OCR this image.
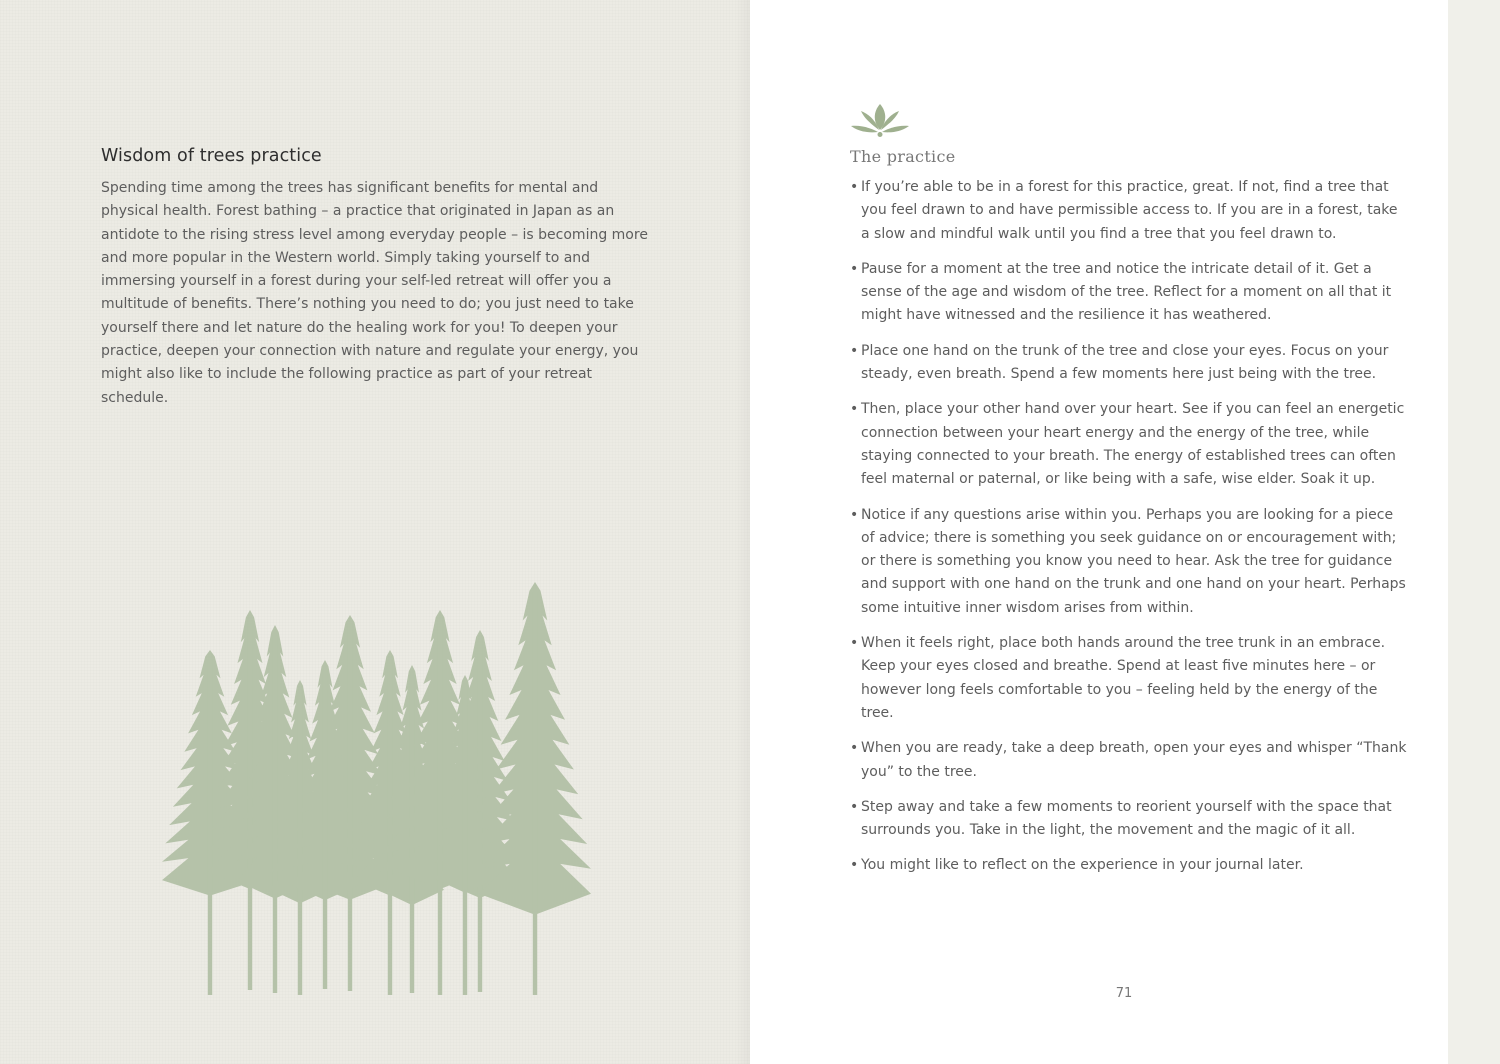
Wisdom of trees practice

Spending time among the trees has significant benefits for mental and physical health. Forest bathing – a practice that originated in Japan as an antidote to the rising stress level among everyday people – is becoming more and more popular in the Western world. Simply taking yourself to and immersing yourself in a forest during your self-led retreat will offer you a multitude of benefits. There’s nothing you need to do; you just need to take yourself there and let nature do the healing work for you! To deepen your practice, deepen your connection with nature and regulate your energy, you might also like to include the following practice as part of your retreat schedule.

The practice
• If you’re able to be in a forest for this practice, great. If not, find a tree that you feel drawn to and have permissible access to. If you are in a forest, take a slow and mindful walk until you find a tree that you feel drawn to.
• Pause for a moment at the tree and notice the intricate detail of it. Get a sense of the age and wisdom of the tree. Reflect for a moment on all that it might have witnessed and the resilience it has weathered.
• Place one hand on the trunk of the tree and close your eyes. Focus on your steady, even breath. Spend a few moments here just being with the tree.
• Then, place your other hand over your heart. See if you can feel an energetic connection between your heart energy and the energy of the tree, while staying connected to your breath. The energy of established trees can often feel maternal or paternal, or like being with a safe, wise elder. Soak it up.
• Notice if any questions arise within you. Perhaps you are looking for a piece of advice; there is something you seek guidance on or encouragement with; or there is something you know you need to hear. Ask the tree for guidance and support with one hand on the trunk and one hand on your heart. Perhaps some intuitive inner wisdom arises from within.
• When it feels right, place both hands around the tree trunk in an embrace. Keep your eyes closed and breathe. Spend at least five minutes here – or however long feels comfortable to you – feeling held by the energy of the tree.
• When you are ready, take a deep breath, open your eyes and whisper “Thank you” to the tree.
• Step away and take a few moments to reorient yourself with the space that surrounds you. Take in the light, the movement and the magic of it all.
• You might like to reflect on the experience in your journal later.
71
